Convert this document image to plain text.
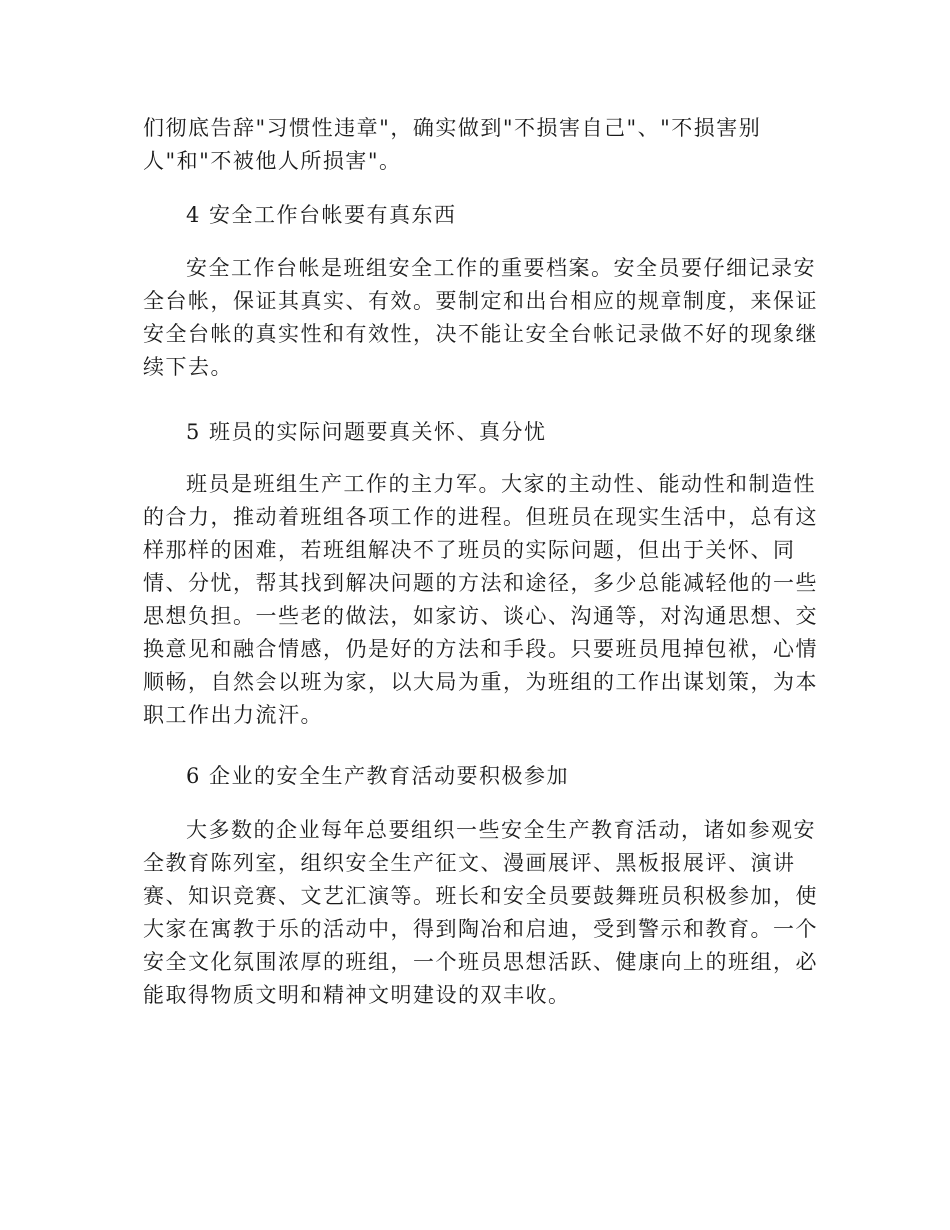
们彻底告辞"习惯性违章"，确实做到"不损害自己"、"不损害别
人"和"不被他人所损害"。
4 安全工作台帐要有真东西
安全工作台帐是班组安全工作的重要档案。安全员要仔细记录安
全台帐，保证其真实、有效。要制定和出台相应的规章制度，来保证
安全台帐的真实性和有效性，决不能让安全台帐记录做不好的现象继
续下去。
5 班员的实际问题要真关怀、真分忧
班员是班组生产工作的主力军。大家的主动性、能动性和制造性
的合力，推动着班组各项工作的进程。但班员在现实生活中，总有这
样那样的困难，若班组解决不了班员的实际问题，但出于关怀、同
情、分忧，帮其找到解决问题的方法和途径，多少总能减轻他的一些
思想负担。一些老的做法，如家访、谈心、沟通等，对沟通思想、交
换意见和融合情感，仍是好的方法和手段。只要班员甩掉包袱，心情
顺畅，自然会以班为家，以大局为重，为班组的工作出谋划策，为本
职工作出力流汗。
6 企业的安全生产教育活动要积极参加
大多数的企业每年总要组织一些安全生产教育活动，诸如参观安
全教育陈列室，组织安全生产征文、漫画展评、黑板报展评、演讲
赛、知识竞赛、文艺汇演等。班长和安全员要鼓舞班员积极参加，使
大家在寓教于乐的活动中，得到陶冶和启迪，受到警示和教育。一个
安全文化氛围浓厚的班组，一个班员思想活跃、健康向上的班组，必
能取得物质文明和精神文明建设的双丰收。
